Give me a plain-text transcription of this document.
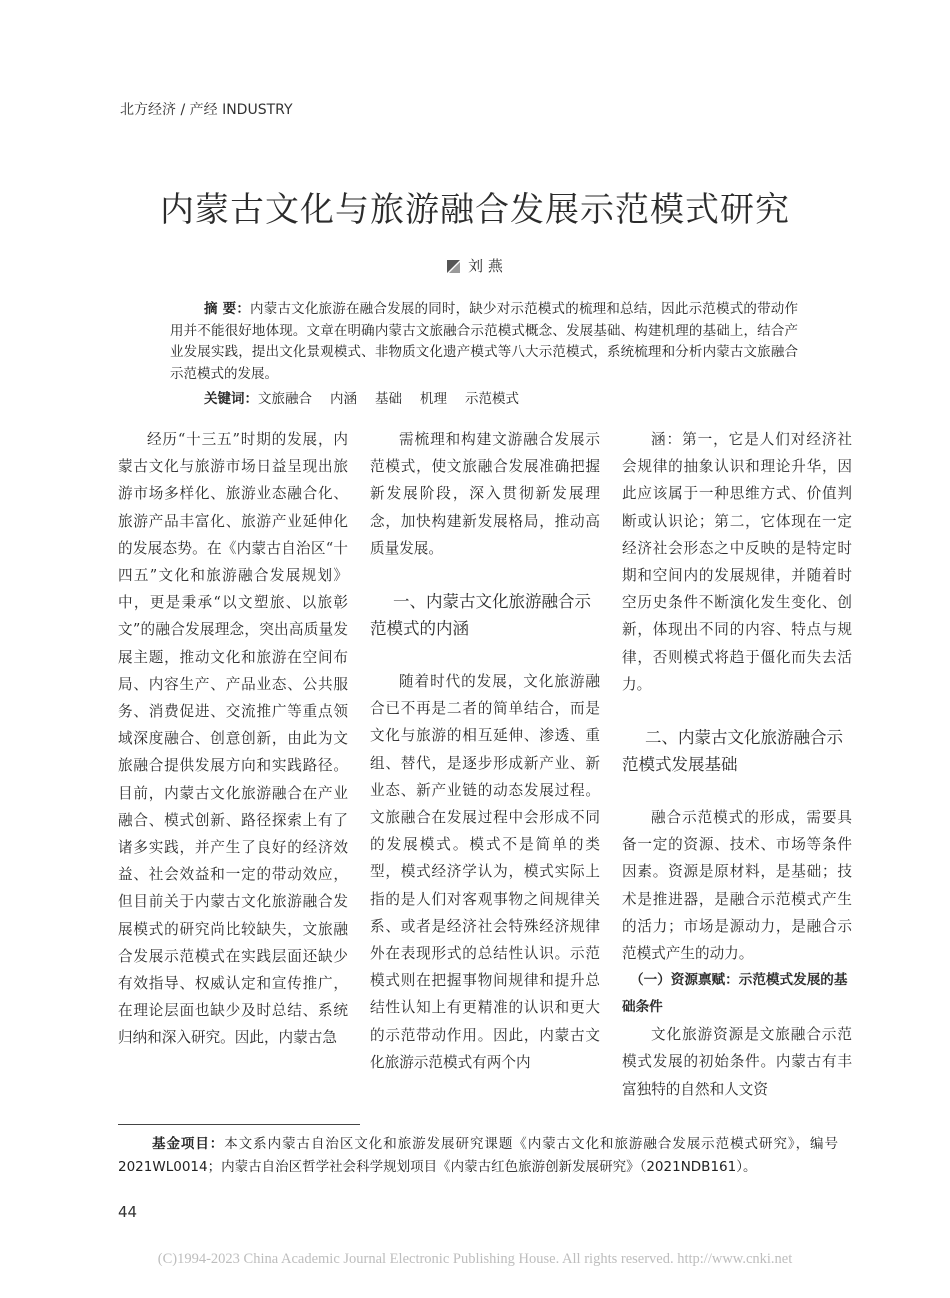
北方经济 / 产经 INDUSTRY
内蒙古文化与旅游融合发展示范模式研究
刘 燕
摘 要：内蒙古文化旅游在融合发展的同时，缺少对示范模式的梳理和总结，因此示范模式的带动作用并不能很好地体现。文章在明确内蒙古文旅融合示范模式概念、发展基础、构建机理的基础上，结合产业发展实践，提出文化景观模式、非物质文化遗产模式等八大示范模式，系统梳理和分析内蒙古文旅融合示范模式的发展。
关键词：文旅融合 内涵 基础 机理 示范模式

经历“十三五”时期的发展，内蒙古文化与旅游市场日益呈现出旅游市场多样化、旅游业态融合化、旅游产品丰富化、旅游产业延伸化的发展态势。在《内蒙古自治区“十四五”文化和旅游融合发展规划》中，更是秉承“以文塑旅、以旅彰文”的融合发展理念，突出高质量发展主题，推动文化和旅游在空间布局、内容生产、产品业态、公共服务、消费促进、交流推广等重点领域深度融合、创意创新，由此为文旅融合提供发展方向和实践路径。目前，内蒙古文化旅游融合在产业融合、模式创新、路径探索上有了诸多实践，并产生了良好的经济效益、社会效益和一定的带动效应，但目前关于内蒙古文化旅游融合发展模式的研究尚比较缺失，文旅融合发展示范模式在实践层面还缺少有效指导、权威认定和宣传推广，在理论层面也缺少及时总结、系统归纳和深入研究。因此，内蒙古急

需梳理和构建文游融合发展示范模式，使文旅融合发展准确把握新发展阶段，深入贯彻新发展理念，加快构建新发展格局，推动高质量发展。

一、内蒙古文化旅游融合示范模式的内涵

随着时代的发展，文化旅游融合已不再是二者的简单结合，而是文化与旅游的相互延伸、渗透、重组、替代，是逐步形成新产业、新业态、新产业链的动态发展过程。文旅融合在发展过程中会形成不同的发展模式。模式不是简单的类型，模式经济学认为，模式实际上指的是人们对客观事物之间规律关系、或者是经济社会特殊经济规律外在表现形式的总结性认识。示范模式则在把握事物间规律和提升总结性认知上有更精准的认识和更大的示范带动作用。因此，内蒙古文化旅游示范模式有两个内

涵：第一，它是人们对经济社会规律的抽象认识和理论升华，因此应该属于一种思维方式、价值判断或认识论；第二，它体现在一定经济社会形态之中反映的是特定时期和空间内的发展规律，并随着时空历史条件不断演化发生变化、创新，体现出不同的内容、特点与规律，否则模式将趋于僵化而失去活力。

二、内蒙古文化旅游融合示范模式发展基础

融合示范模式的形成，需要具备一定的资源、技术、市场等条件因素。资源是原材料，是基础；技术是推进器，是融合示范模式产生的活力；市场是源动力，是融合示范模式产生的动力。

（一）资源禀赋：示范模式发展的基础条件

文化旅游资源是文旅融合示范模式发展的初始条件。内蒙古有丰富独特的自然和人文资

基金项目：本文系内蒙古自治区文化和旅游发展研究课题《内蒙古文化和旅游融合发展示范模式研究》，编号 2021WL0014；内蒙古自治区哲学社会科学规划项目《内蒙古红色旅游创新发展研究》（2021NDB161）。
44
(C)1994-2023 China Academic Journal Electronic Publishing House. All rights reserved. http://www.cnki.net
